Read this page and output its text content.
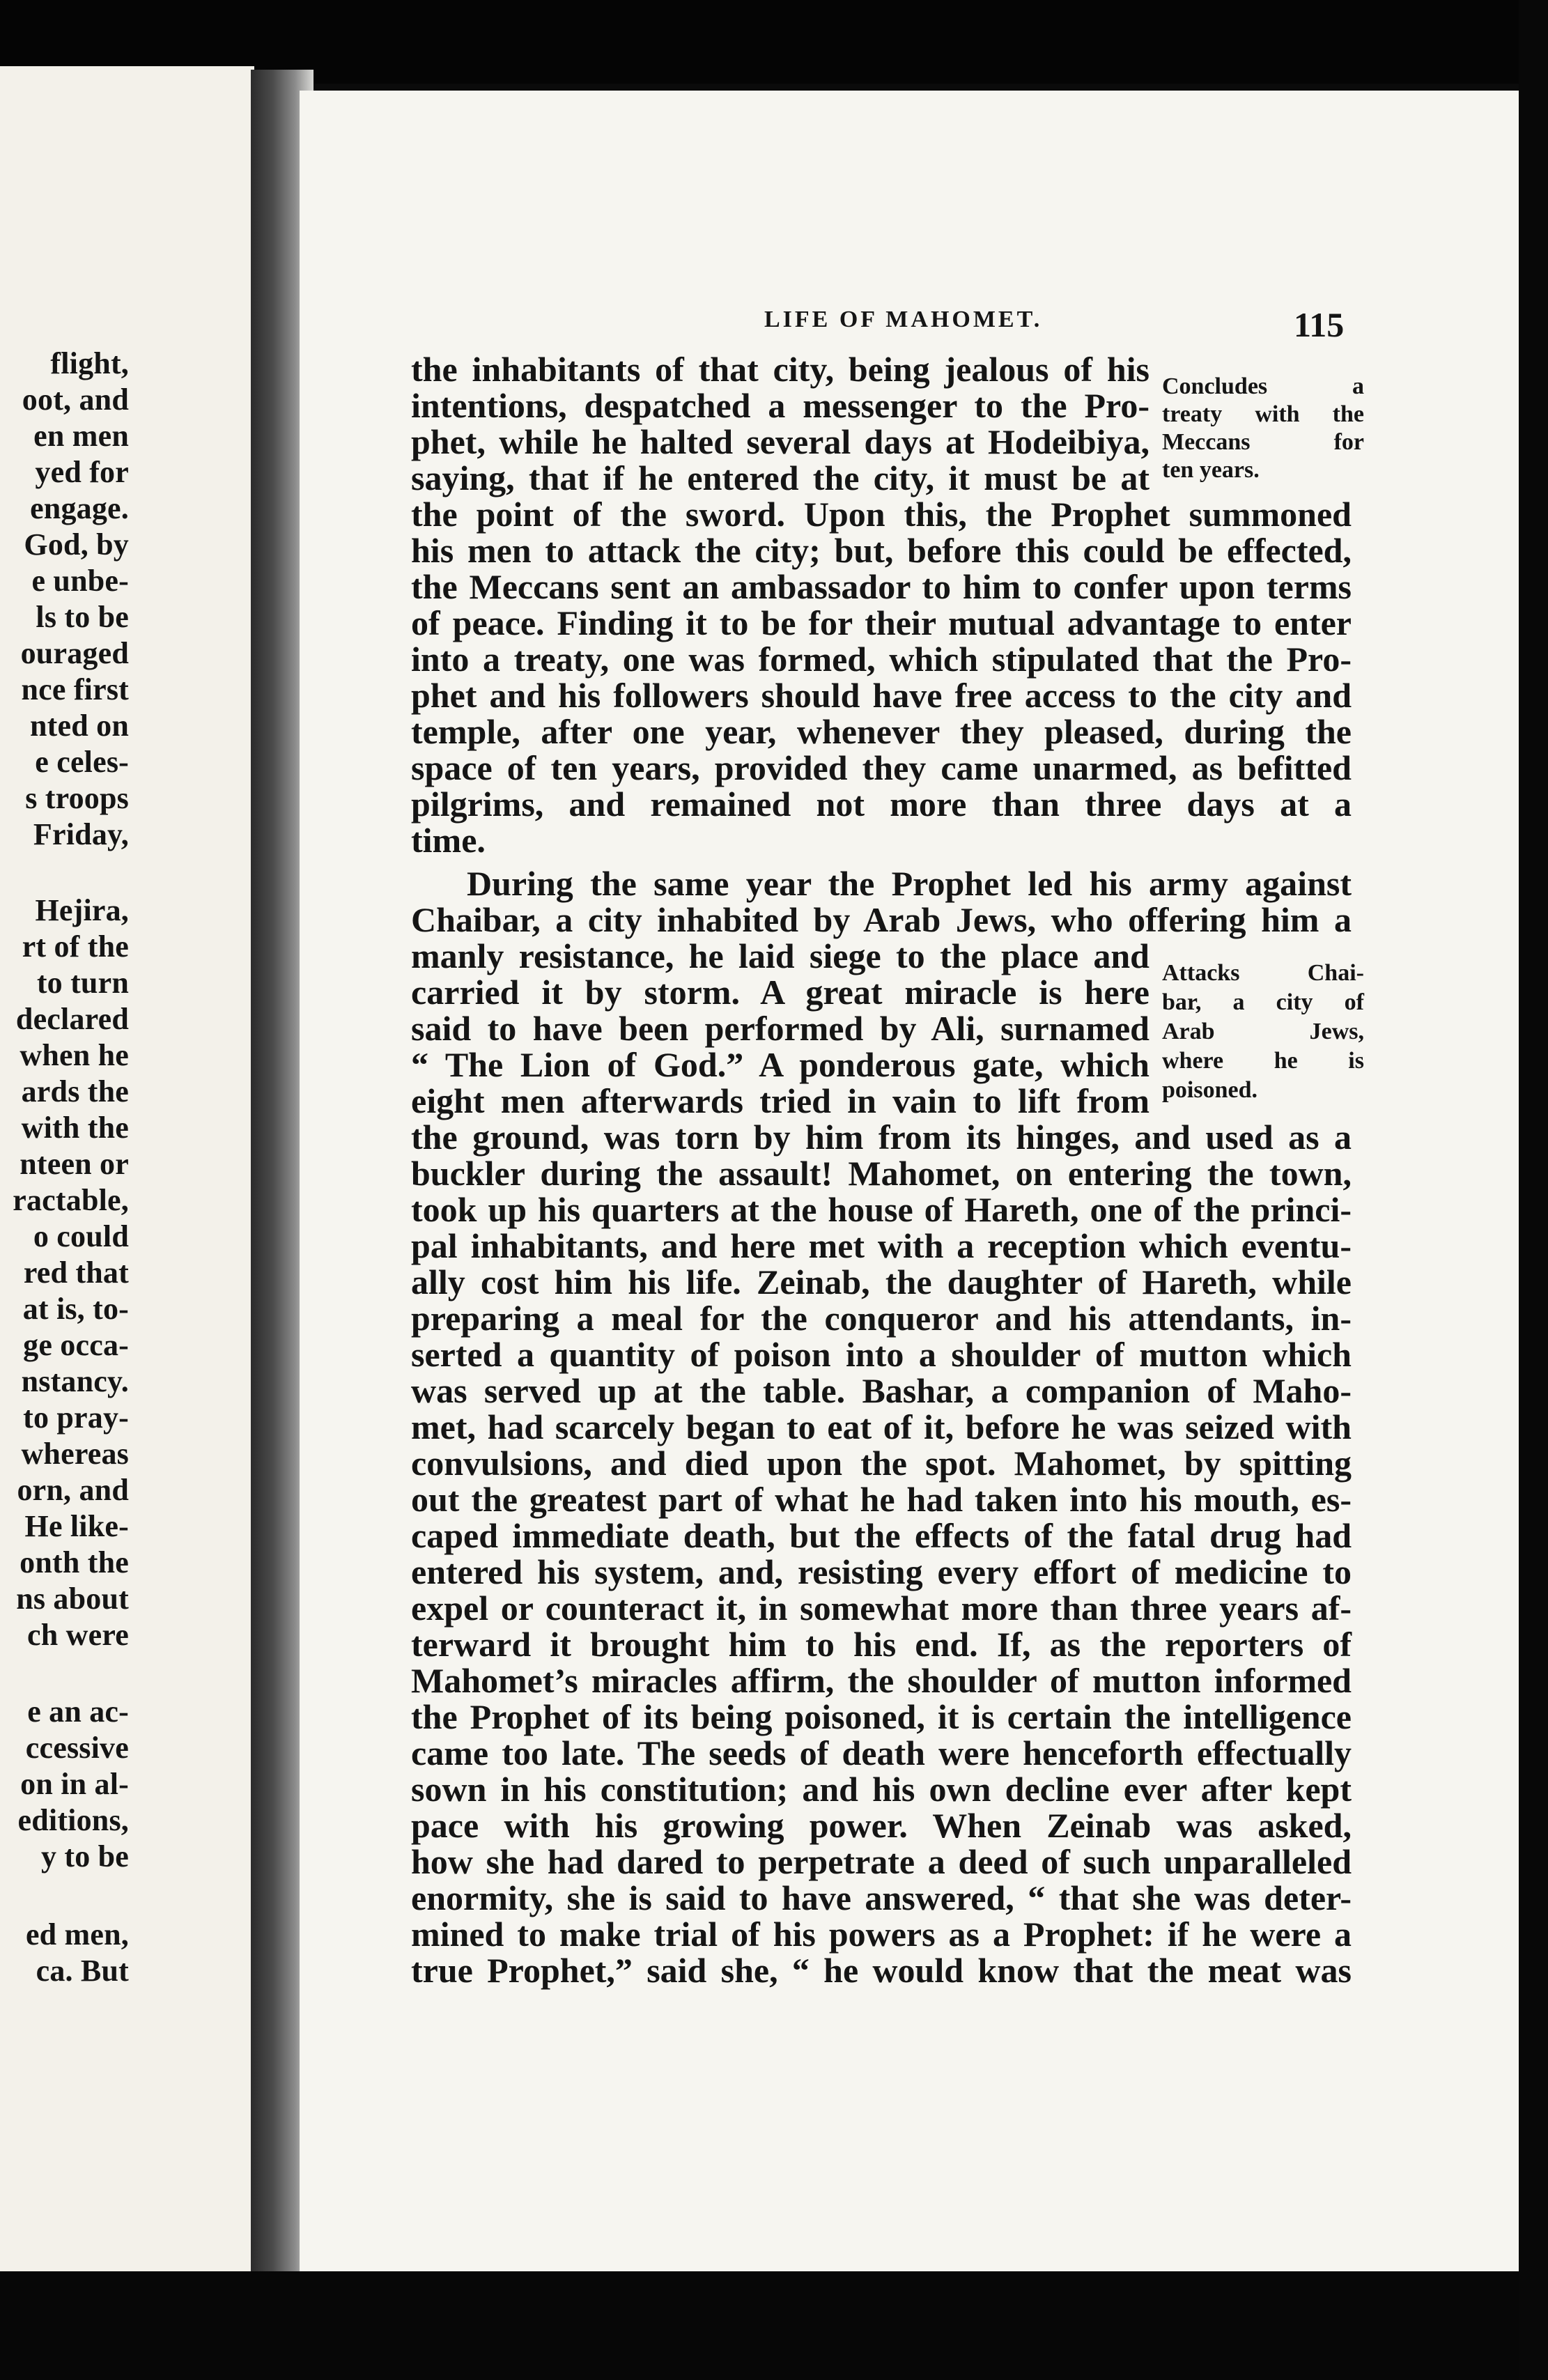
flight,
oot, and
en men
yed for
engage.
God, by
e unbe-
ls to be
ouraged
nce first
nted on
e celes-
s troops
Friday,
Hejira,
rt of the
to turn
declared
when he
ards the
with the
nteen or
ractable,
o could
red that
at is, to-
ge occa-
nstancy.
to pray-
whereas
orn, and
He like-
onth the
ns about
ch were
e an ac-
ccessive
on in al-
editions,
y to be
ed men,
ca. But
LIFE OF MAHOMET.	115
Concludes a
treaty with the
Meccans for
ten years.
Attacks Chai-
bar, a city of
Arab Jews,
where he is
poisoned.
the inhabitants of that city, being jealous of his
intentions, despatched a messenger to the Pro-
phet, while he halted several days at Hodeibiya,
saying, that if he entered the city, it must be at
the point of the sword. Upon this, the Prophet summoned
his men to attack the city; but, before this could be effected,
the Meccans sent an ambassador to him to confer upon terms
of peace. Finding it to be for their mutual advantage to enter
into a treaty, one was formed, which stipulated that the Pro-
phet and his followers should have free access to the city and
temple, after one year, whenever they pleased, during the
space of ten years, provided they came unarmed, as befitted
pilgrims, and remained not more than three days at a
time.
During the same year the Prophet led his army against
Chaibar, a city inhabited by Arab Jews, who offering him a
manly resistance, he laid siege to the place and
carried it by storm. A great miracle is here
said to have been performed by Ali, surnamed
“ The Lion of God.” A ponderous gate, which
eight men afterwards tried in vain to lift from
the ground, was torn by him from its hinges, and used as a
buckler during the assault! Mahomet, on entering the town,
took up his quarters at the house of Hareth, one of the princi-
pal inhabitants, and here met with a reception which eventu-
ally cost him his life. Zeinab, the daughter of Hareth, while
preparing a meal for the conqueror and his attendants, in-
serted a quantity of poison into a shoulder of mutton which
was served up at the table. Bashar, a companion of Maho-
met, had scarcely began to eat of it, before he was seized with
convulsions, and died upon the spot. Mahomet, by spitting
out the greatest part of what he had taken into his mouth, es-
caped immediate death, but the effects of the fatal drug had
entered his system, and, resisting every effort of medicine to
expel or counteract it, in somewhat more than three years af-
terward it brought him to his end. If, as the reporters of
Mahomet’s miracles affirm, the shoulder of mutton informed
the Prophet of its being poisoned, it is certain the intelligence
came too late. The seeds of death were henceforth effectually
sown in his constitution; and his own decline ever after kept
pace with his growing power. When Zeinab was asked,
how she had dared to perpetrate a deed of such unparalleled
enormity, she is said to have answered, “ that she was deter-
mined to make trial of his powers as a Prophet: if he were a
true Prophet,” said she, “ he would know that the meat was
